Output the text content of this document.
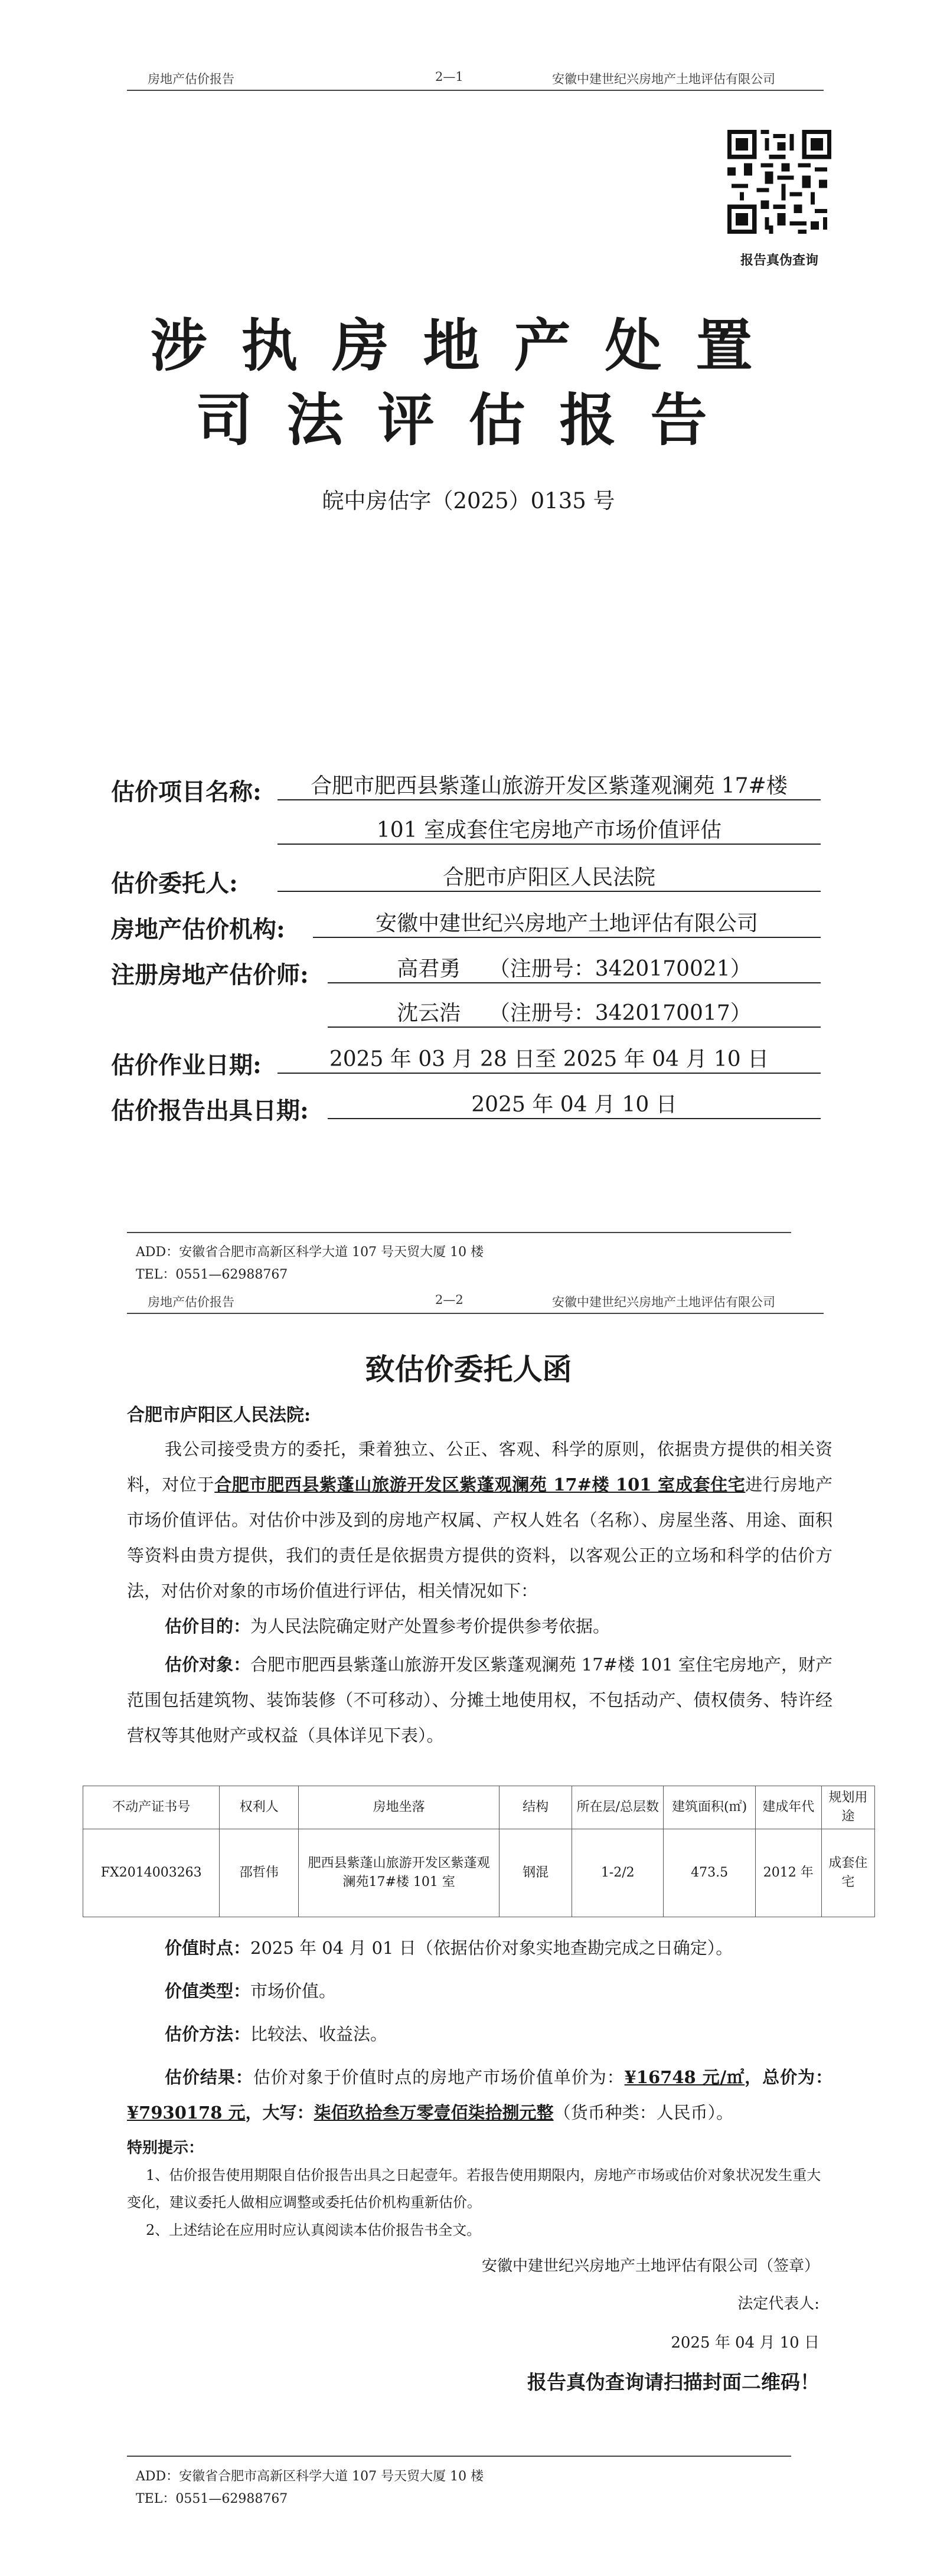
房地产估价报告	2—1	安徽中建世纪兴房地产土地评估有限公司
报告真伪查询
涉执房地产处置
司法评估报告
皖中房估字（2025）0135 号
估价项目名称:	合肥市肥西县紫蓬山旅游开发区紫蓬观澜苑 17#楼
101 室成套住宅房地产市场价值评估
估价委托人:	合肥市庐阳区人民法院
房地产估价机构:	安徽中建世纪兴房地产土地评估有限公司
注册房地产估价师:	高君勇　 （注册号：3420170021）
沈云浩　 （注册号：3420170017）
估价作业日期:	2025 年 03 月 28 日至 2025 年 04 月 10 日
估价报告出具日期:	2025 年 04 月 10 日
ADD：安徽省合肥市高新区科学大道 107 号天贸大厦 10 楼
TEL：0551—62988767
房地产估价报告	2—2	安徽中建世纪兴房地产土地评估有限公司
致估价委托人函
合肥市庐阳区人民法院:
我公司接受贵方的委托，秉着独立、公正、客观、科学的原则，依据贵方提供的相关资料，对位于合肥市肥西县紫蓬山旅游开发区紫蓬观澜苑 17#楼 101 室成套住宅进行房地产市场价值评估。对估价中涉及到的房地产权属、产权人姓名（名称）、房屋坐落、用途、面积等资料由贵方提供，我们的责任是依据贵方提供的资料，以客观公正的立场和科学的估价方法，对估价对象的市场价值进行评估，相关情况如下：
估价目的：为人民法院确定财产处置参考价提供参考依据。
估价对象：合肥市肥西县紫蓬山旅游开发区紫蓬观澜苑 17#楼 101 室住宅房地产，财产范围包括建筑物、装饰装修（不可移动）、分摊土地使用权，不包括动产、债权债务、特许经营权等其他财产或权益（具体详见下表）。
不动产证书号	权利人	房地坐落	结构	所在层/总层数	建筑面积(㎡)	建成年代	规划用途
FX2014003263	邵哲伟	肥西县紫蓬山旅游开发区紫蓬观澜苑17#楼 101 室	钢混	1-2/2	473.5	2012 年	成套住宅
价值时点：2025 年 04 月 01 日（依据估价对象实地查勘完成之日确定）。
价值类型：市场价值。
估价方法：比较法、收益法。
估价结果：估价对象于价值时点的房地产市场价值单价为：¥16748 元/㎡，总价为：¥7930178 元，大写：柒佰玖拾叁万零壹佰柒拾捌元整（货币种类：人民币）。
特别提示：
1、估价报告使用期限自估价报告出具之日起壹年。若报告使用期限内，房地产市场或估价对象状况发生重大变化，建议委托人做相应调整或委托估价机构重新估价。
2、上述结论在应用时应认真阅读本估价报告书全文。
安徽中建世纪兴房地产土地评估有限公司（签章）
法定代表人:
2025 年 04 月 10 日
报告真伪查询请扫描封面二维码！
ADD：安徽省合肥市高新区科学大道 107 号天贸大厦 10 楼
TEL：0551—62988767
